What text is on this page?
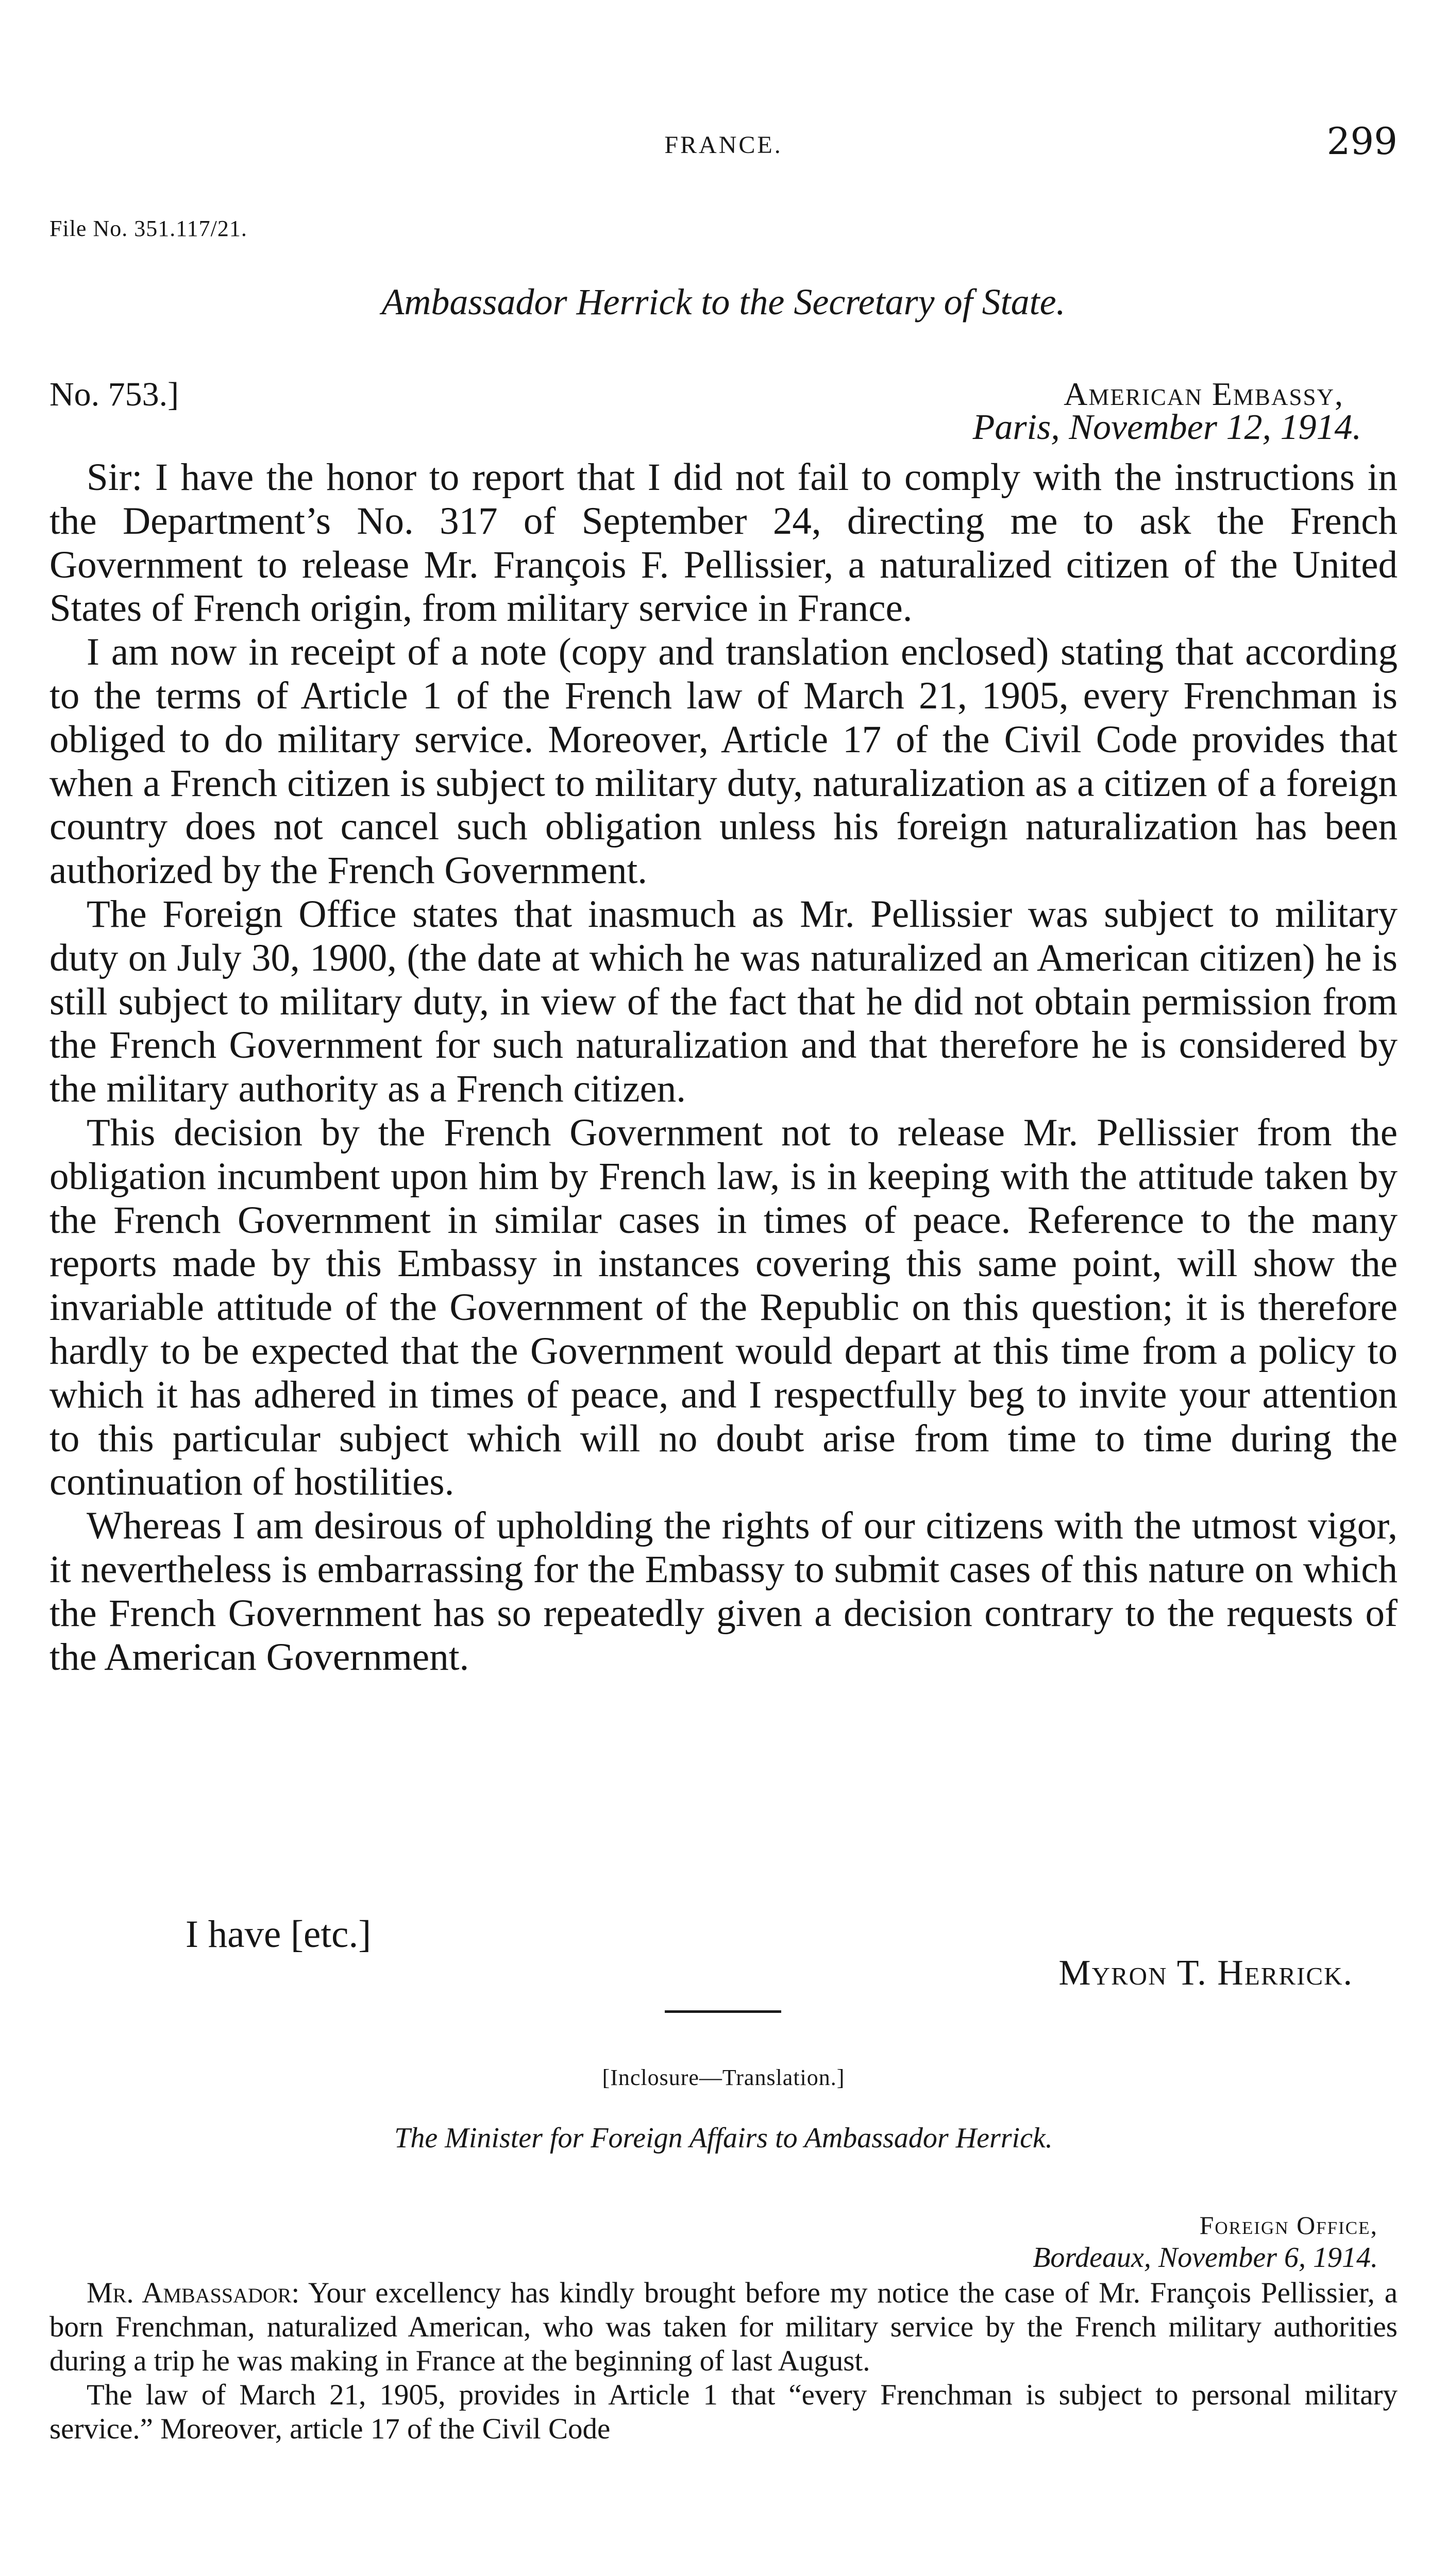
FRANCE.	299
File No. 351.117/21.
Ambassador Herrick to the Secretary of State.
No. 753.]	American Embassy,
Paris, November 12, 1914.

Sir: I have the honor to report that I did not fail to comply with the instructions in the Department’s No. 317 of September 24, directing me to ask the French Government to release Mr. François F. Pellissier, a naturalized citizen of the United States of French origin, from military service in France.

I am now in receipt of a note (copy and translation enclosed) stating that according to the terms of Article 1 of the French law of March 21, 1905, every Frenchman is obliged to do military service. Moreover, Article 17 of the Civil Code provides that when a French citizen is subject to military duty, naturalization as a citizen of a foreign country does not cancel such obligation unless his foreign naturalization has been authorized by the French Government.

The Foreign Office states that inasmuch as Mr. Pellissier was subject to military duty on July 30, 1900, (the date at which he was naturalized an American citizen) he is still subject to military duty, in view of the fact that he did not obtain permission from the French Government for such naturalization and that therefore he is considered by the military authority as a French citizen.

This decision by the French Government not to release Mr. Pellissier from the obligation incumbent upon him by French law, is in keeping with the attitude taken by the French Government in similar cases in times of peace. Reference to the many reports made by this Embassy in instances covering this same point, will show the invariable attitude of the Government of the Republic on this question; it is therefore hardly to be expected that the Government would depart at this time from a policy to which it has adhered in times of peace, and I respectfully beg to invite your attention to this particular subject which will no doubt arise from time to time during the continuation of hostilities.

Whereas I am desirous of upholding the rights of our citizens with the utmost vigor, it nevertheless is embarrassing for the Embassy to submit cases of this nature on which the French Government has so repeatedly given a decision contrary to the requests of the American Government.

I have [etc.]
Myron T. Herrick.
[Inclosure—Translation.]
The Minister for Foreign Affairs to Ambassador Herrick.
Foreign Office,
Bordeaux, November 6, 1914.

Mr. Ambassador: Your excellency has kindly brought before my notice the case of Mr. François Pellissier, a born Frenchman, naturalized American, who was taken for military service by the French military authorities during a trip he was making in France at the beginning of last August.

The law of March 21, 1905, provides in Article 1 that “every Frenchman is subject to personal military service.” Moreover, article 17 of the Civil Code
